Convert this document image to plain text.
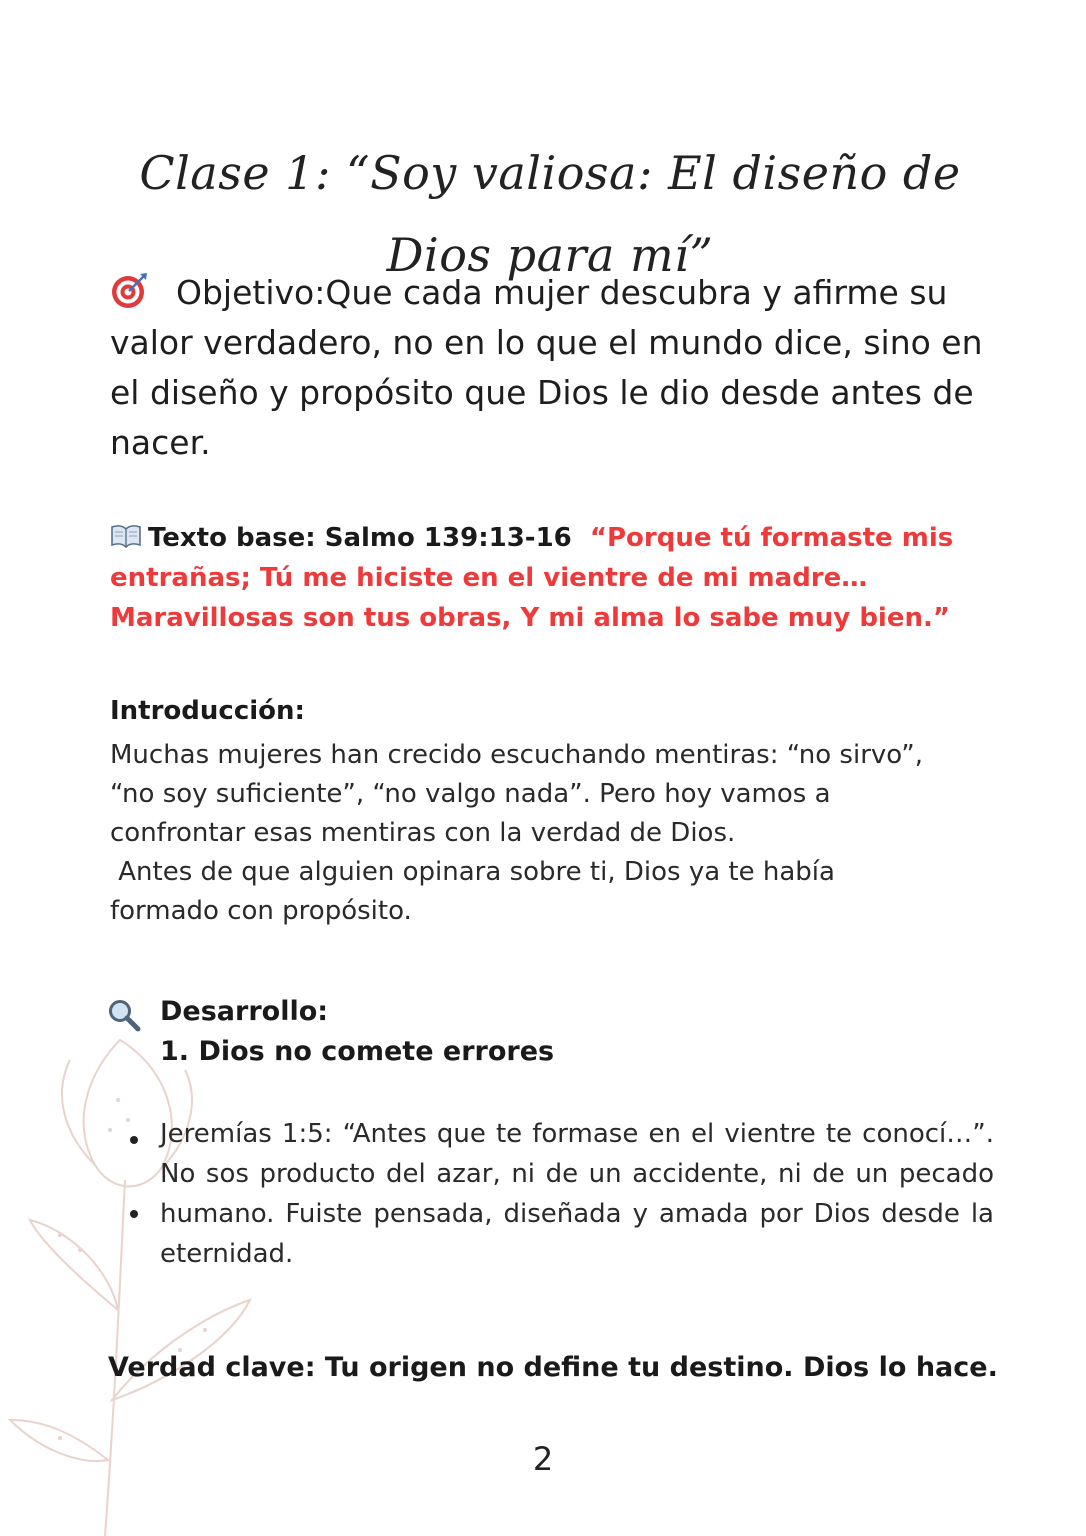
Clase 1: “Soy valiosa: El diseño de Dios para mí”
Objetivo:Que cada mujer descubra y afirme su valor verdadero, no en lo que el mundo dice, sino en el diseño y propósito que Dios le dio desde antes de nacer.
Texto base: Salmo 139:13-16 “Porque tú formaste mis entrañas; Tú me hiciste en el vientre de mi madre… Maravillosas son tus obras, Y mi alma lo sabe muy bien.”
Introducción:
Muchas mujeres han crecido escuchando mentiras: “no sirvo”,
“no soy suficiente”, “no valgo nada”. Pero hoy vamos a
confrontar esas mentiras con la verdad de Dios.
Antes de que alguien opinara sobre ti, Dios ya te había
formado con propósito.
Desarrollo:
1. Dios no comete errores

Jeremías 1:5: “Antes que te formase en el vientre te conocí…”. No sos producto del azar, ni de un accidente, ni de un pecado humano. Fuiste pensada, diseñada y amada por Dios desde la eternidad.

Verdad clave: Tu origen no define tu destino. Dios lo hace.
2
